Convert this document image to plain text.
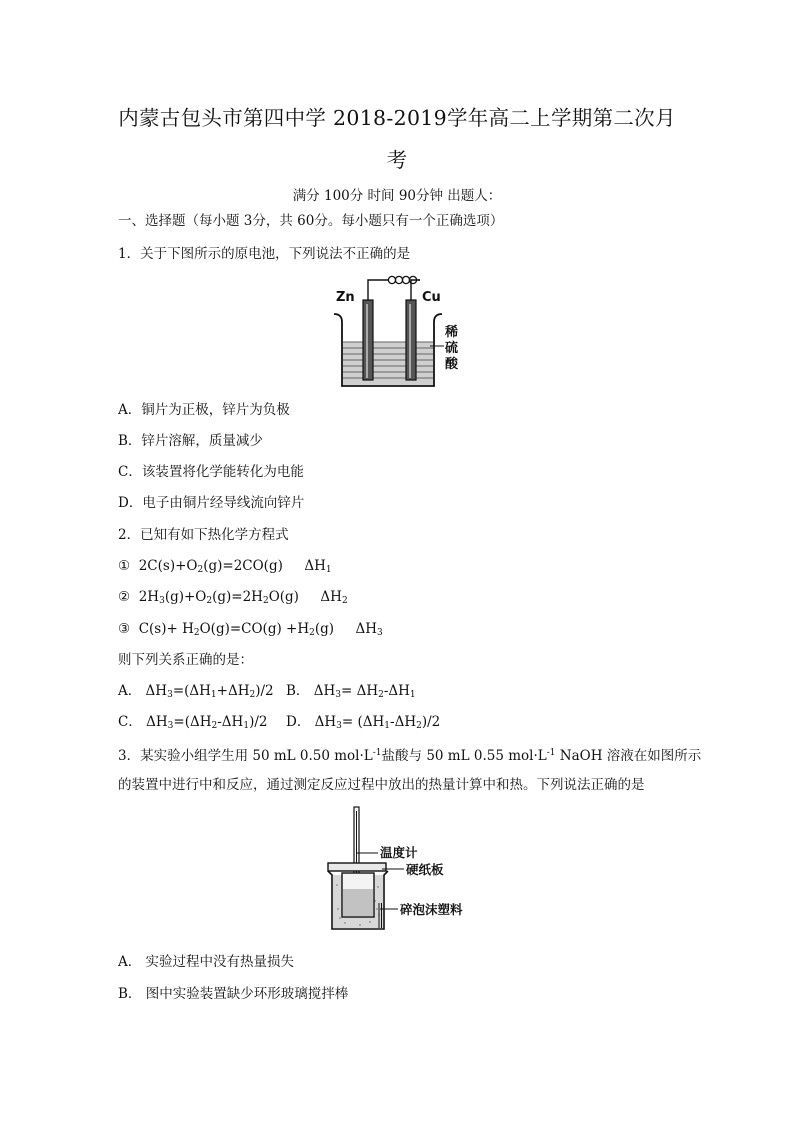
内蒙古包头市第四中学 2018-2019学年高二上学期第二次月
考
满分 100分 时间 90分钟 出题人：
一、选择题（每小题 3分，共 60分。每小题只有一个正确选项）
1．关于下图所示的原电池，下列说法不正确的是
Zn	Cu
稀
硫
酸
A．铜片为正极，锌片为负极
B．锌片溶解，质量减少
C．该装置将化学能转化为电能
D．电子由铜片经导线流向锌片
2．已知有如下热化学方程式
① $2C(s)+O_2(g)=2CO(g)$ $\Delta H_1$
② $2H_3(g)+O_2(g)=2H_2O(g)$ $\Delta H_2$
③ $C(s)+ H_2O(g)=CO(g) +H_2(g)$ $\Delta H_3$
则下列关系正确的是：
A． $\Delta H_3=(\Delta H_1+\Delta H_2)/2$ B． $\Delta H_3= \Delta H_2-\Delta H_1$
C． $\Delta H_3=(\Delta H_2-\Delta H_1)/2$ D． $\Delta H_3= (\Delta H_1-\Delta H_2)/2$
3．某实验小组学生用 50 mL 0.50 $mol\cdot L^{-1}$盐酸与 50 mL 0.55 $mol\cdot L^{-1}$ NaOH 溶液在如图所示
的装置中进行中和反应，通过测定反应过程中放出的热量计算中和热。下列说法正确的是
温度计
硬纸板
碎泡沫塑料
A． 实验过程中没有热量损失
B． 图中实验装置缺少环形玻璃搅拌棒
